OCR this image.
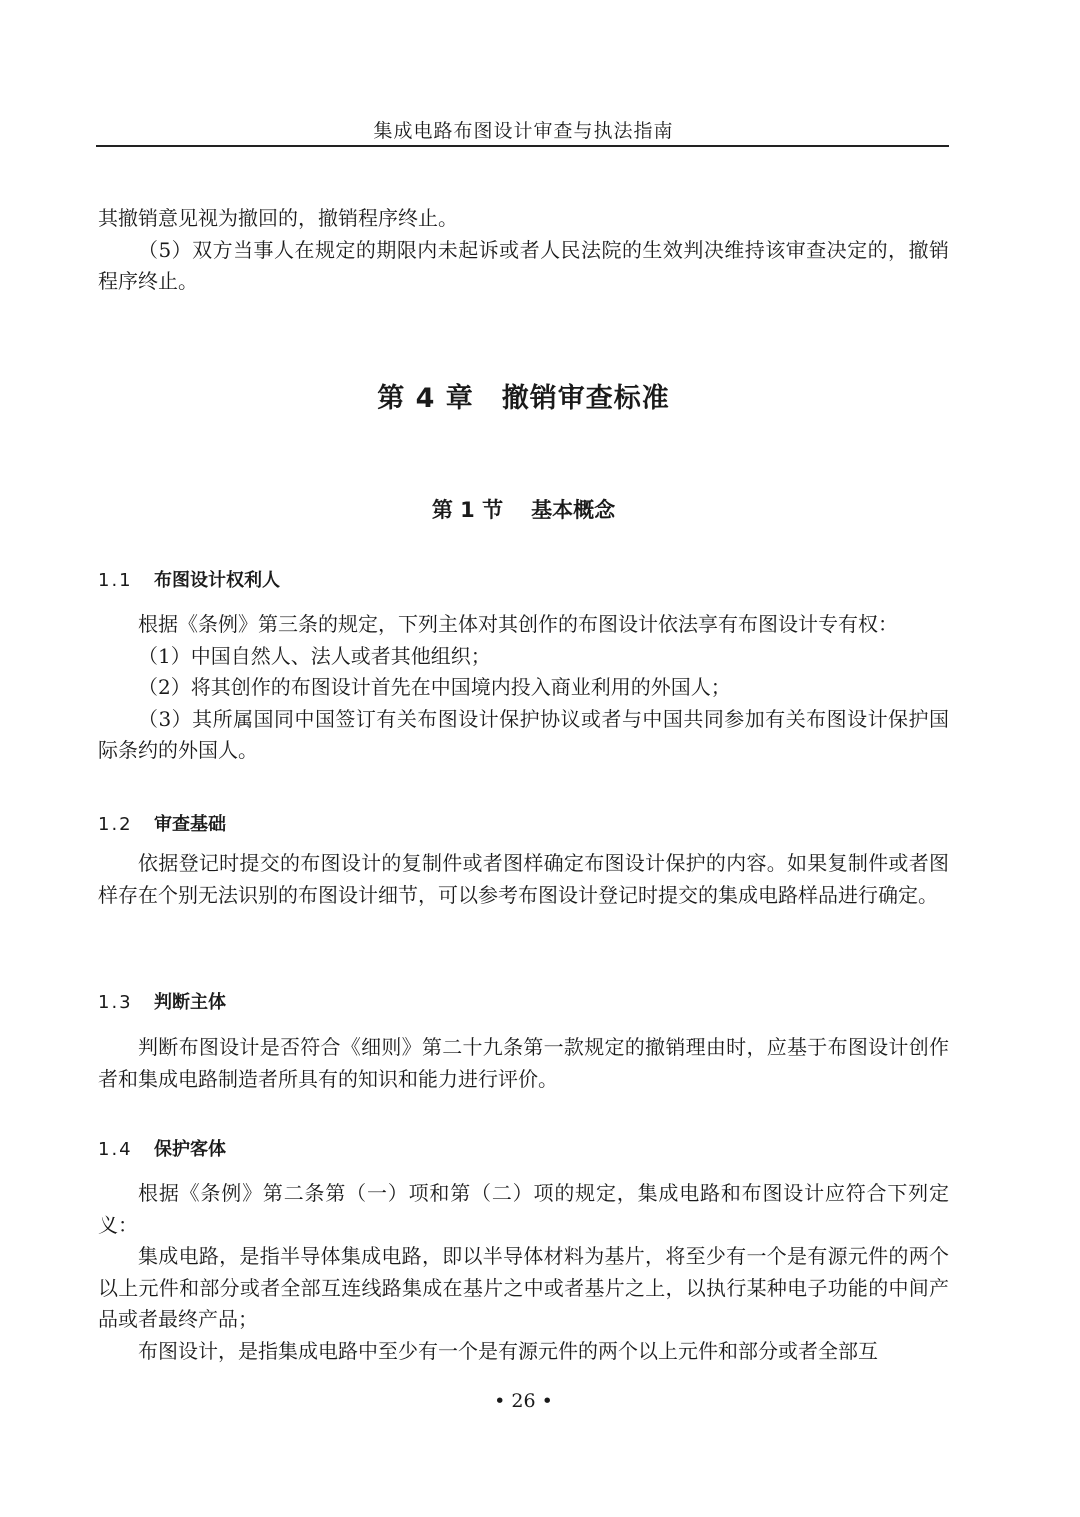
集成电路布图设计审查与执法指南

其撤销意见视为撤回的，撤销程序终止。

（5）双方当事人在规定的期限内未起诉或者人民法院的生效判决维持该审查决定的，撤销程序终止。

第 4 章 撤销审查标准
第 1 节 基本概念
1.1 布图设计权利人

根据《条例》第三条的规定，下列主体对其创作的布图设计依法享有布图设计专有权：

（1）中国自然人、法人或者其他组织；

（2）将其创作的布图设计首先在中国境内投入商业利用的外国人；

（3）其所属国同中国签订有关布图设计保护协议或者与中国共同参加有关布图设计保护国际条约的外国人。

1.2 审查基础

依据登记时提交的布图设计的复制件或者图样确定布图设计保护的内容。如果复制件或者图样存在个别无法识别的布图设计细节，可以参考布图设计登记时提交的集成电路样品进行确定。

1.3 判断主体

判断布图设计是否符合《细则》第二十九条第一款规定的撤销理由时，应基于布图设计创作者和集成电路制造者所具有的知识和能力进行评价。

1.4 保护客体

根据《条例》第二条第（一）项和第（二）项的规定，集成电路和布图设计应符合下列定义：

集成电路，是指半导体集成电路，即以半导体材料为基片，将至少有一个是有源元件的两个以上元件和部分或者全部互连线路集成在基片之中或者基片之上，以执行某种电子功能的中间产品或者最终产品；

布图设计，是指集成电路中至少有一个是有源元件的两个以上元件和部分或者全部互

• 26 •
